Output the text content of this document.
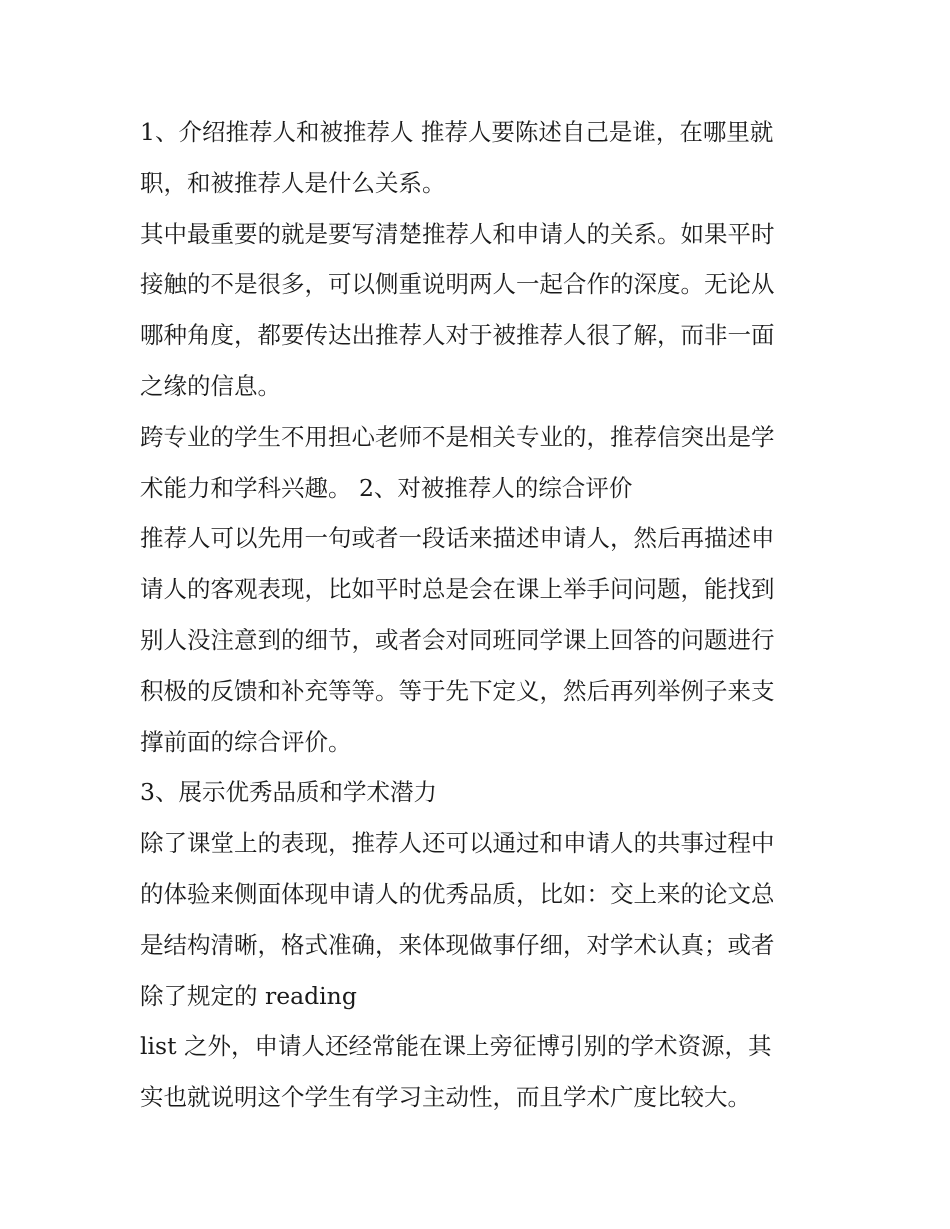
1、介绍推荐人和被推荐人 推荐人要陈述自己是谁，在哪里就
职，和被推荐人是什么关系。
其中最重要的就是要写清楚推荐人和申请人的关系。如果平时
接触的不是很多，可以侧重说明两人一起合作的深度。无论从
哪种角度，都要传达出推荐人对于被推荐人很了解，而非一面
之缘的信息。
跨专业的学生不用担心老师不是相关专业的，推荐信突出是学
术能力和学科兴趣。 2、对被推荐人的综合评价
推荐人可以先用一句或者一段话来描述申请人，然后再描述申
请人的客观表现，比如平时总是会在课上举手问问题，能找到
别人没注意到的细节，或者会对同班同学课上回答的问题进行
积极的反馈和补充等等。等于先下定义，然后再列举例子来支
撑前面的综合评价。
3、展示优秀品质和学术潜力
除了课堂上的表现，推荐人还可以通过和申请人的共事过程中
的体验来侧面体现申请人的优秀品质，比如：交上来的论文总
是结构清晰，格式准确，来体现做事仔细，对学术认真；或者
除了规定的 reading
list 之外，申请人还经常能在课上旁征博引别的学术资源，其
实也就说明这个学生有学习主动性，而且学术广度比较大。
